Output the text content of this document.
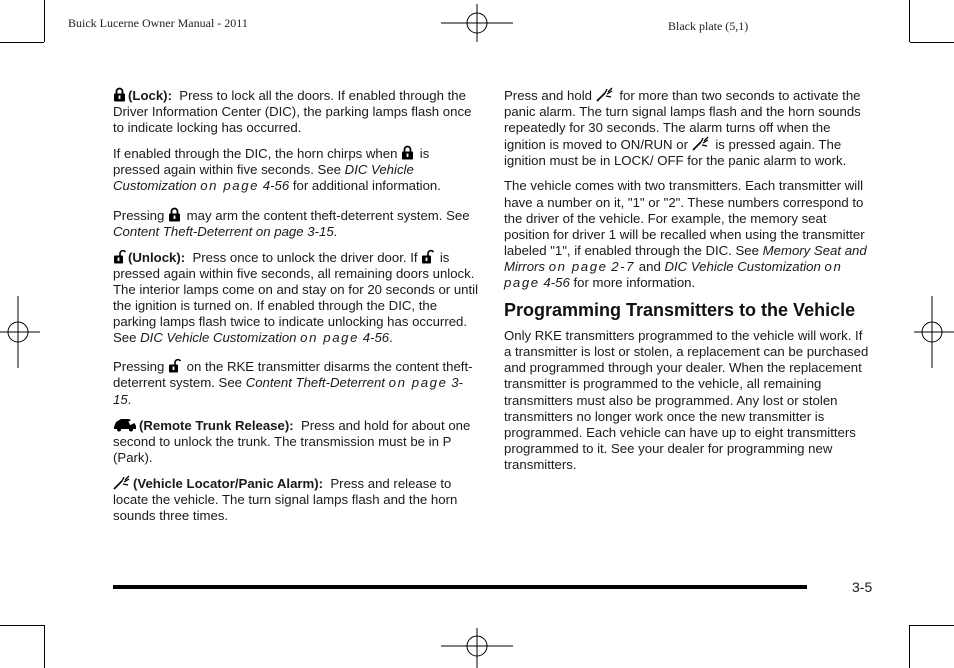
Buick Lucerne Owner Manual - 2011	Black plate (5,1)

(Lock): Press to lock all the doors. If enabled through the Driver Information Center (DIC), the parking lamps flash once to indicate locking has occurred.

If enabled through the DIC, the horn chirps when is pressed again within five seconds. See DIC Vehicle Customization on page 4-56 for additional information.

Pressing may arm the content theft-deterrent system. See Content Theft-Deterrent on page 3-15.

(Unlock): Press once to unlock the driver door. If is pressed again within five seconds, all remaining doors unlock. The interior lamps come on and stay on for 20 seconds or until the ignition is turned on. If enabled through the DIC, the parking lamps flash twice to indicate unlocking has occurred. See DIC Vehicle Customization on page 4-56.

Pressing on the RKE transmitter disarms the content theft-deterrent system. See Content Theft-Deterrent on page 3-15.

(Remote Trunk Release): Press and hold for about one second to unlock the trunk. The transmission must be in P (Park).

(Vehicle Locator/Panic Alarm): Press and release to locate the vehicle. The turn signal lamps flash and the horn sounds three times.

Press and hold for more than two seconds to activate the panic alarm. The turn signal lamps flash and the horn sounds repeatedly for 30 seconds. The alarm turns off when the ignition is moved to ON/RUN or is pressed again. The ignition must be in LOCK/ OFF for the panic alarm to work.

The vehicle comes with two transmitters. Each transmitter will have a number on it, "1" or "2". These numbers correspond to the driver of the vehicle. For example, the memory seat position for driver 1 will be recalled when using the transmitter labeled "1", if enabled through the DIC. See Memory Seat and Mirrors on page 2-7 and DIC Vehicle Customization on page 4-56 for more information.

Programming Transmitters to the Vehicle

Only RKE transmitters programmed to the vehicle will work. If a transmitter is lost or stolen, a replacement can be purchased and programmed through your dealer. When the replacement transmitter is programmed to the vehicle, all remaining transmitters must also be programmed. Any lost or stolen transmitters no longer work once the new transmitter is programmed. Each vehicle can have up to eight transmitters programmed to it. See your dealer for programming new transmitters.

3-5
